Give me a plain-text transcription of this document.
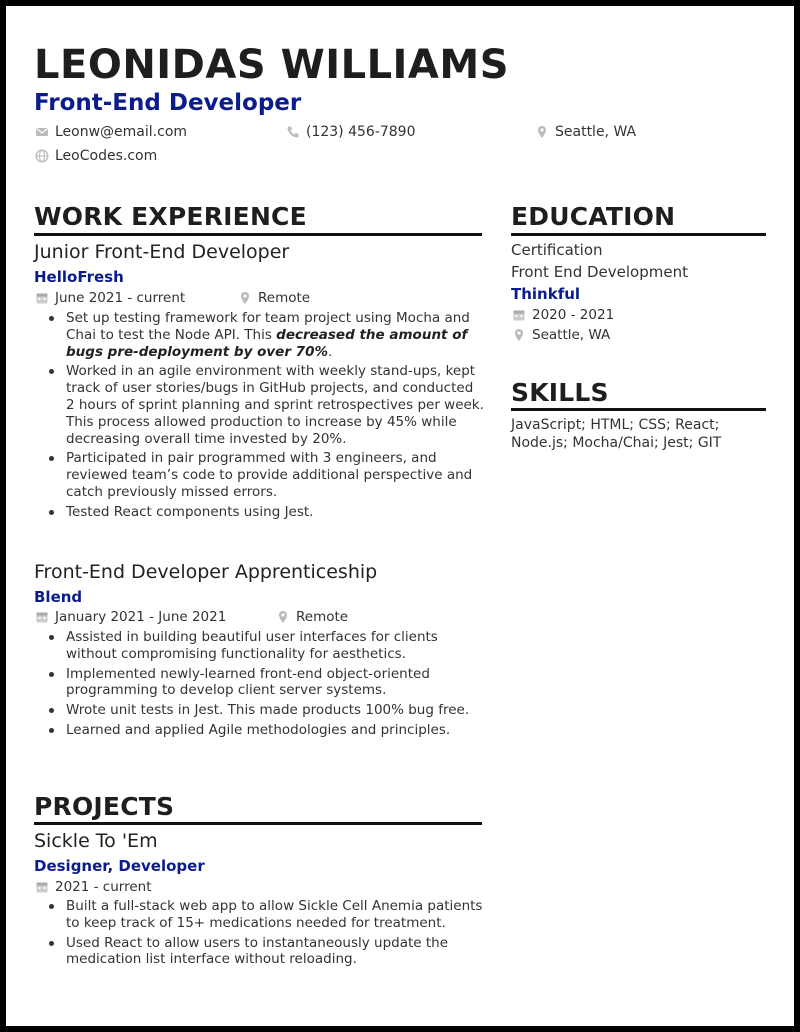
LEONIDAS WILLIAMS
Front-End Developer
Leonw@email.com	(123) 456-7890	Seattle, WA
LeoCodes.com
WORK EXPERIENCE
Junior Front-End Developer
HelloFresh
June 2021 - current	Remote
Set up testing framework for team project using Mocha and Chai to test the Node API. This decreased the amount of bugs pre-deployment by over 70%.
Worked in an agile environment with weekly stand-ups, kept track of user stories/bugs in GitHub projects, and conducted 2 hours of sprint planning and sprint retrospectives per week. This process allowed production to increase by 45% while decreasing overall time invested by 20%.
Participated in pair programmed with 3 engineers, and reviewed team’s code to provide additional perspective and catch previously missed errors.
Tested React components using Jest.
Front-End Developer Apprenticeship
Blend
January 2021 - June 2021	Remote
Assisted in building beautiful user interfaces for clients without compromising functionality for aesthetics.
Implemented newly-learned front-end object-oriented programming to develop client server systems.
Wrote unit tests in Jest. This made products 100% bug free.
Learned and applied Agile methodologies and principles.
PROJECTS
Sickle To 'Em
Designer, Developer
2021 - current
Built a full-stack web app to allow Sickle Cell Anemia patients to keep track of 15+ medications needed for treatment.
Used React to allow users to instantaneously update the medication list interface without reloading.
EDUCATION
Certification
Front End Development
Thinkful
2020 - 2021
Seattle, WA
SKILLS
JavaScript; HTML; CSS; React; Node.js; Mocha/Chai; Jest; GIT
